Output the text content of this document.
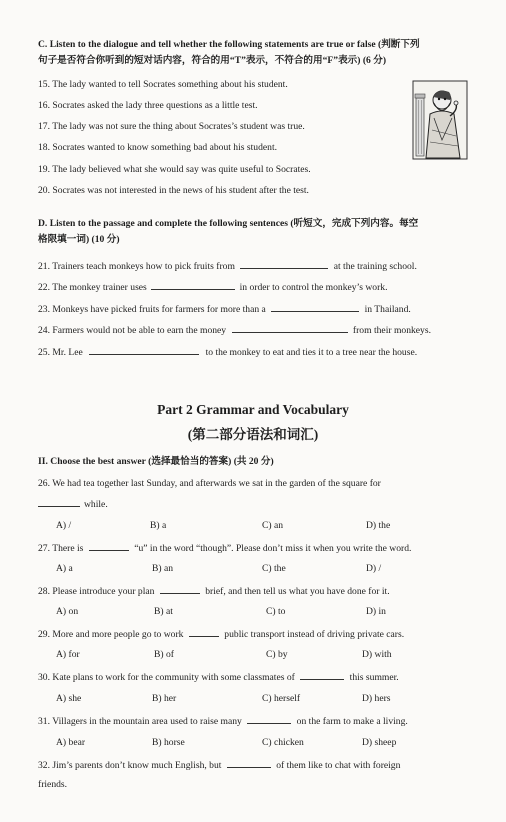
C. Listen to the dialogue and tell whether the following statements are true or false (判断下列
句子是否符合你听到的短对话内容，符合的用“T”表示，不符合的用“F”表示) (6 分)
15. The lady wanted to tell Socrates something about his student.
16. Socrates asked the lady three questions as a little test.
17. The lady was not sure the thing about Socrates’s student was true.
18. Socrates wanted to know something bad about his student.
19. The lady believed what she would say was quite useful to Socrates.
20. Socrates was not interested in the news of his student after the test.
D. Listen to the passage and complete the following sentences (听短文，完成下列内容。每空
格限填一词) (10 分)
21. Trainers teach monkeys how to pick fruits from	at the training school.
22. The monkey trainer uses	in order to control the monkey’s work.
23. Monkeys have picked fruits for farmers for more than a	in Thailand.
24. Farmers would not be able to earn the money	from their monkeys.
25. Mr. Lee	to the monkey to eat and ties it to a tree near the house.
Part 2 Grammar and Vocabulary
(第二部分语法和词汇)
II. Choose the best answer (选择最恰当的答案) (共 20 分)
26. We had tea together last Sunday, and afterwards we sat in the garden of the square for
while.
A) /	B) a	C) an	D) the
27. There is	“u” in the word “though”. Please don’t miss it when you write the word.
A) a	B) an	C) the	D) /
28. Please introduce your plan	brief, and then tell us what you have done for it.
A) on	B) at	C) to	D) in
29. More and more people go to work	public transport instead of driving private cars.
A) for	B) of	C) by	D) with
30. Kate plans to work for the community with some classmates of	this summer.
A) she	B) her	C) herself	D) hers
31. Villagers in the mountain area used to raise many	on the farm to make a living.
A) bear	B) horse	C) chicken	D) sheep
32. Jim’s parents don’t know much English, but	of them like to chat with foreign
friends.
